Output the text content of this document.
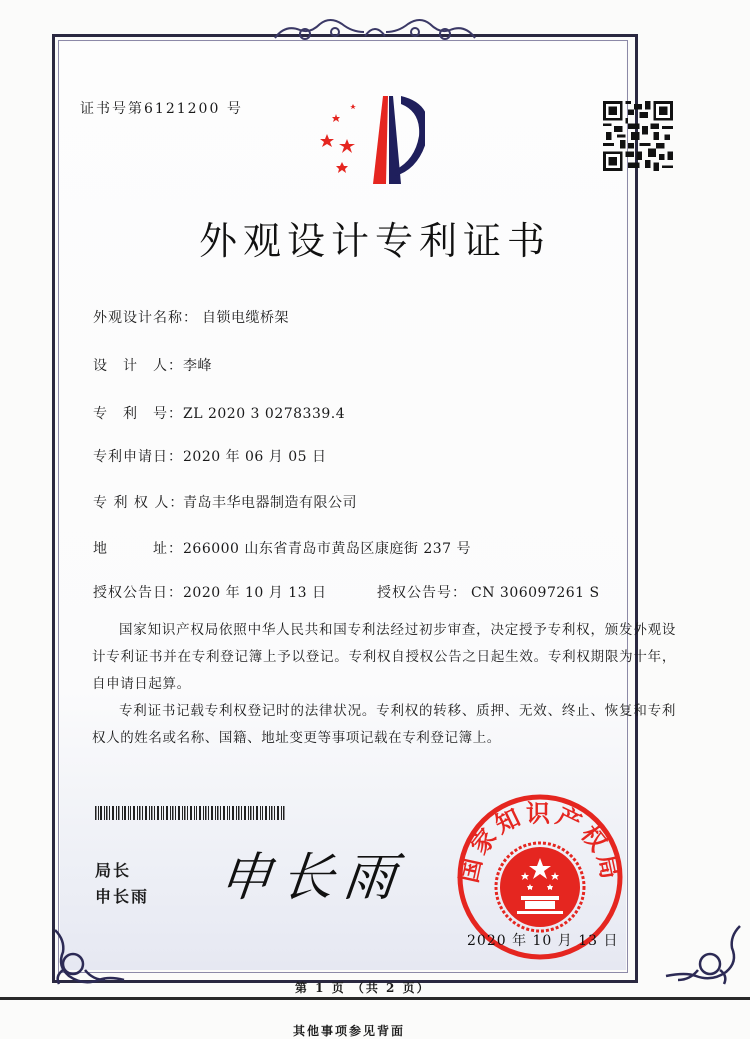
证书号第6121200 号
外观设计专利证书
外观设计名称： 自锁电缆桥架
设　计　人：李峰
专　利　号：ZL 2020 3 0278339.4
专利申请日：2020 年 06 月 05 日
专 利 权 人：青岛丰华电器制造有限公司
地　　　址：266000 山东省青岛市黄岛区康庭街 237 号
授权公告日：2020 年 10 月 13 日	授权公告号： CN 306097261 S

国家知识产权局依照中华人民共和国专利法经过初步审查，决定授予专利权，颁发外观设计专利证书并在专利登记簿上予以登记。专利权自授权公告之日起生效。专利权期限为十年，自申请日起算。

专利证书记载专利权登记时的法律状况。专利权的转移、质押、无效、终止、恢复和专利权人的姓名或名称、国籍、地址变更等事项记载在专利登记簿上。

局长
申长雨 申长雨 国家知识产权局
2020 年 10 月 13 日
第 1 页 （共 2 页）
其他事项参见背面
